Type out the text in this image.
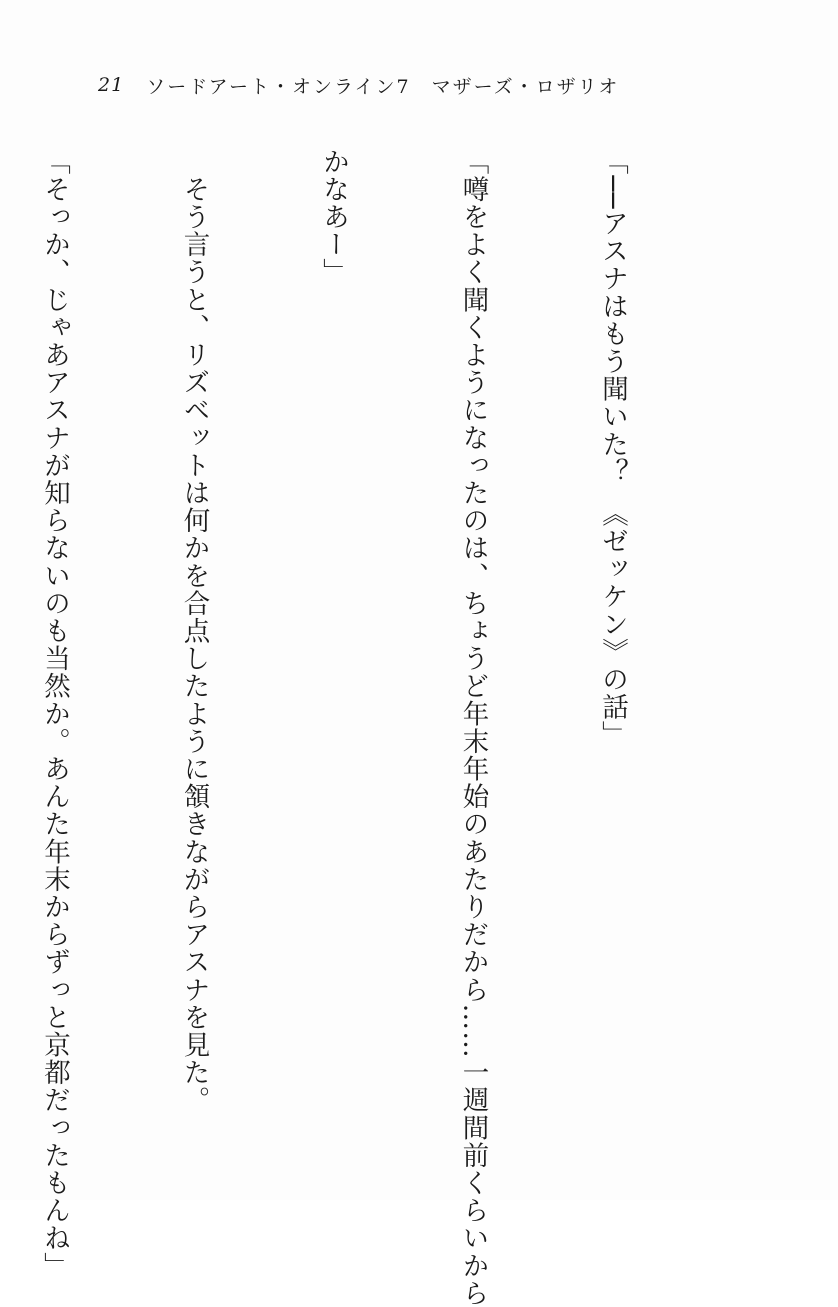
21 ソードアート・オンライン7　マザーズ・ロザリオ

「──アスナはもう聞いた？　《ゼッケン》の話」

「噂をよく聞くようになったのは、ちょうど年末年始のあたりだから……一週間前くらいから

かなあー」

　そう言うと、リズベットは何かを合点したように頷きながらアスナを見た。

「そっか、じゃあアスナが知らないのも当然か。あんた年末からずっと京都だったもんね」
